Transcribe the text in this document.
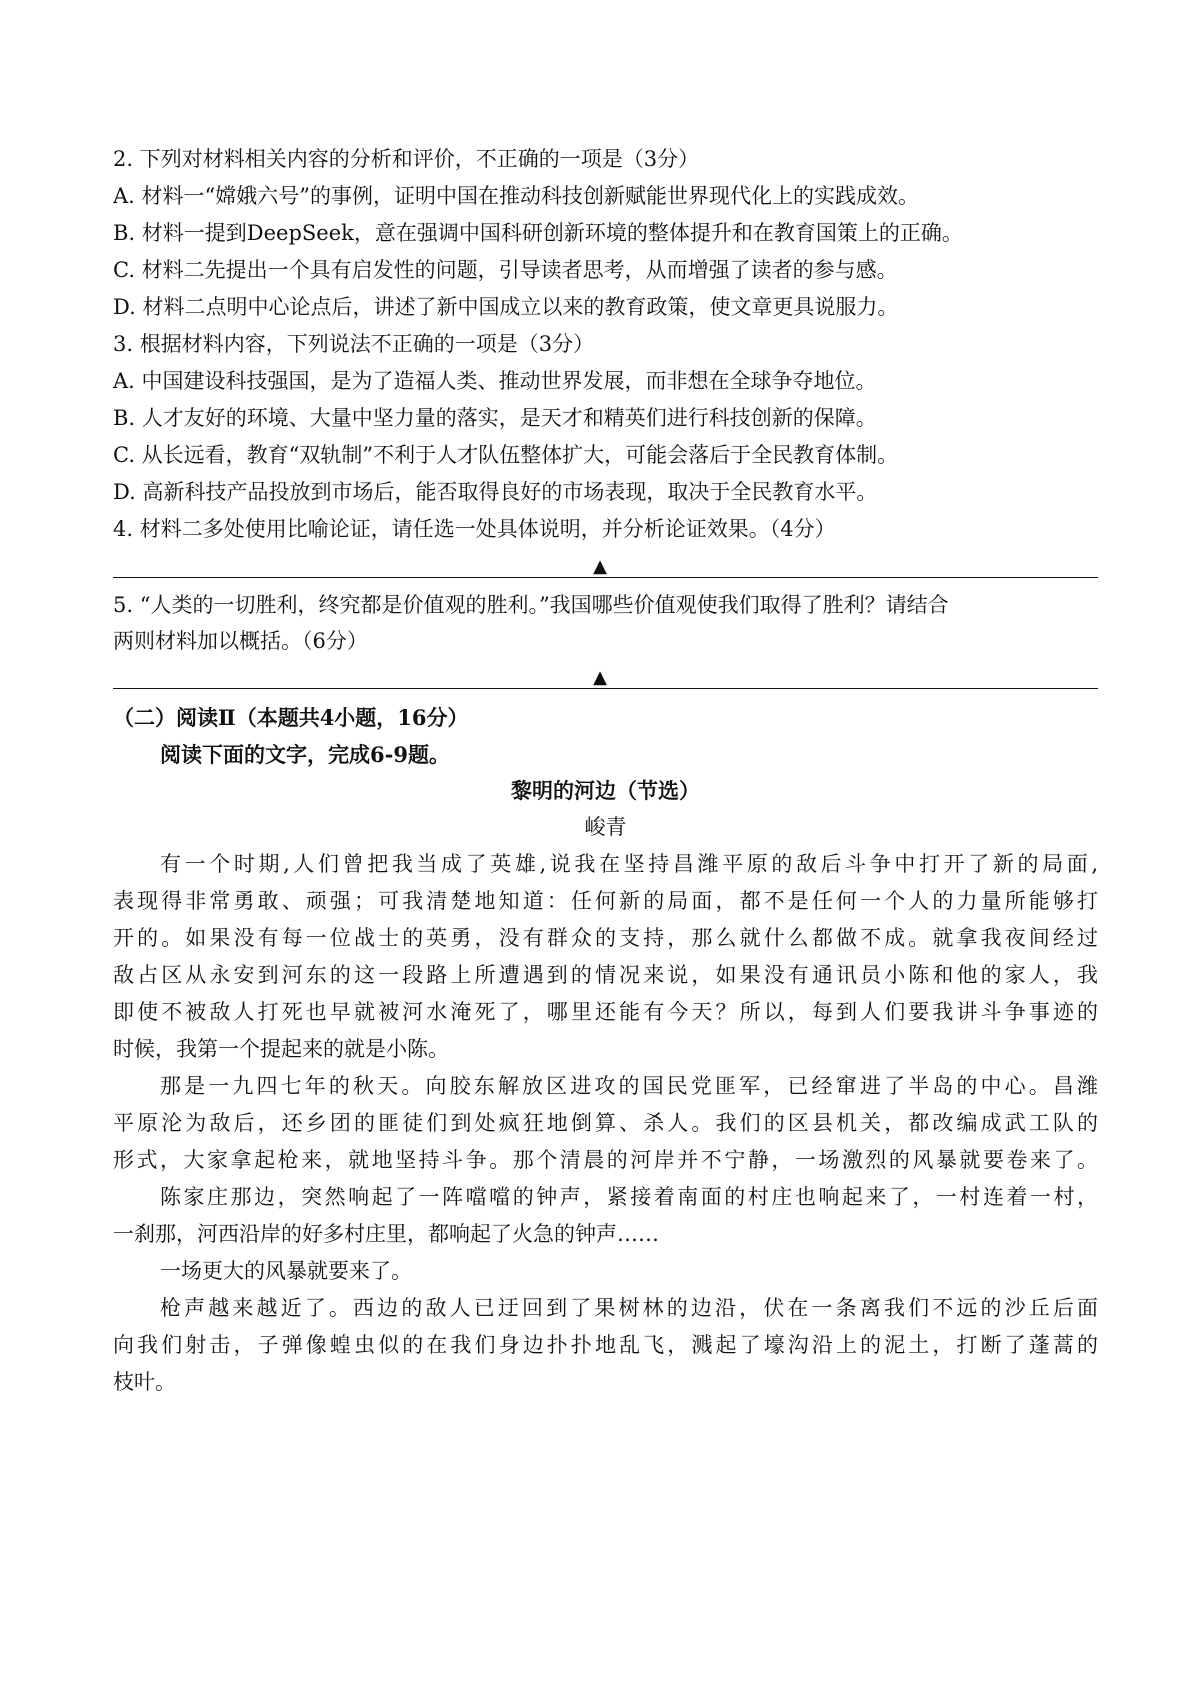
2. 下列对材料相关内容的分析和评价，不正确的一项是（3分）
A. 材料一“嫦娥六号”的事例，证明中国在推动科技创新赋能世界现代化上的实践成效。
B. 材料一提到DeepSeek，意在强调中国科研创新环境的整体提升和在教育国策上的正确。
C. 材料二先提出一个具有启发性的问题，引导读者思考，从而增强了读者的参与感。
D. 材料二点明中心论点后，讲述了新中国成立以来的教育政策，使文章更具说服力。
3. 根据材料内容，下列说法不正确的一项是（3分）
A. 中国建设科技强国，是为了造福人类、推动世界发展，而非想在全球争夺地位。
B. 人才友好的环境、大量中坚力量的落实，是天才和精英们进行科技创新的保障。
C. 从长远看，教育“双轨制”不利于人才队伍整体扩大，可能会落后于全民教育体制。
D. 高新科技产品投放到市场后，能否取得良好的市场表现，取决于全民教育水平。
4. 材料二多处使用比喻论证，请任选一处具体说明，并分析论证效果。（4分）
▲
5. “人类的一切胜利，终究都是价值观的胜利。”我国哪些价值观使我们取得了胜利？请结合
两则材料加以概括。（6分）
▲
（二）阅读Ⅱ（本题共4小题，16分）
阅读下面的文字，完成6-9题。
黎明的河边（节选）
峻青
有一个时期,人们曾把我当成了英雄,说我在坚持昌潍平原的敌后斗争中打开了新的局面,
表现得非常勇敢、顽强；可我清楚地知道：任何新的局面，都不是任何一个人的力量所能够打
开的。如果没有每一位战士的英勇，没有群众的支持，那么就什么都做不成。就拿我夜间经过
敌占区从永安到河东的这一段路上所遭遇到的情况来说，如果没有通讯员小陈和他的家人，我
即使不被敌人打死也早就被河水淹死了，哪里还能有今天？所以，每到人们要我讲斗争事迹的
时候，我第一个提起来的就是小陈。
那是一九四七年的秋天。向胶东解放区进攻的国民党匪军，已经窜进了半岛的中心。昌潍
平原沦为敌后，还乡团的匪徒们到处疯狂地倒算、杀人。我们的区县机关，都改编成武工队的
形式，大家拿起枪来，就地坚持斗争。那个清晨的河岸并不宁静，一场激烈的风暴就要卷来了。
陈家庄那边，突然响起了一阵噹噹的钟声，紧接着南面的村庄也响起来了，一村连着一村，
一刹那，河西沿岸的好多村庄里，都响起了火急的钟声……
一场更大的风暴就要来了。
枪声越来越近了。西边的敌人已迂回到了果树林的边沿，伏在一条离我们不远的沙丘后面
向我们射击，子弹像蝗虫似的在我们身边扑扑地乱飞，溅起了壕沟沿上的泥土，打断了蓬蒿的
枝叶。
